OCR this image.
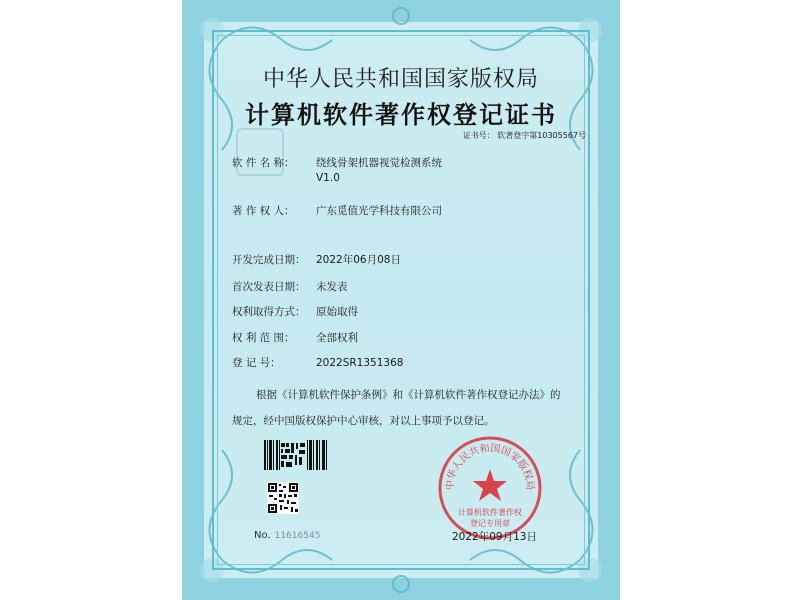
中华人民共和国国家版权局
计算机软件著作权登记证书
证书号： 软著登字第10305567号
软 件 名 称： 绕线骨架机器视觉检测系统
V1.0
著 作 权 人： 广东觅值光学科技有限公司
开发完成日期： 2022年06月08日
首次发表日期： 未发表
权利取得方式： 原始取得
权 利 范 围： 全部权利
登 记 号：	2022SR1351368
根据《计算机软件保护条例》和《计算机软件著作权登记办法》的
规定，经中国版权保护中心审核，对以上事项予以登记。
No. 11616545
中华人民共和国国家版权局
计算机软件著作权
登记专用章
2022年09月13日
